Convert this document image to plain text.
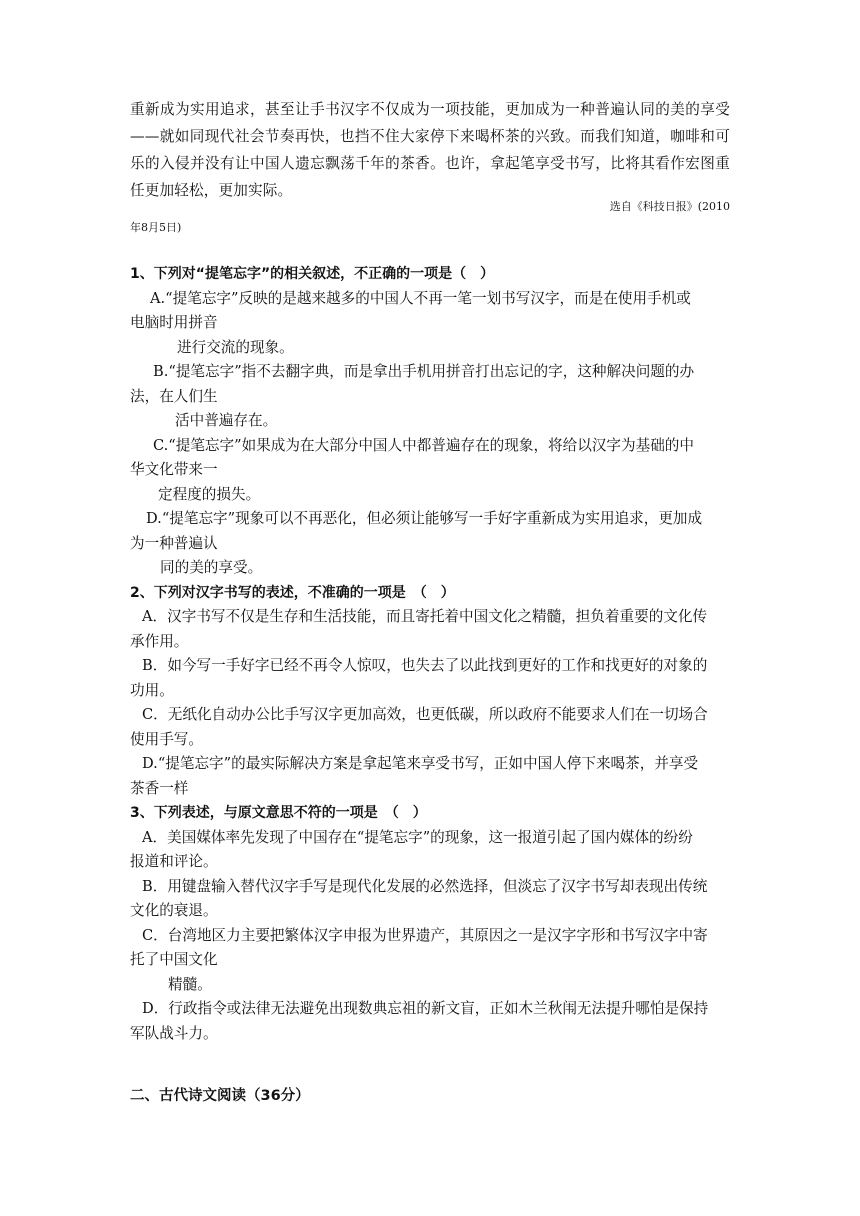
重新成为实用追求，甚至让手书汉字不仅成为一项技能，更加成为一种普遍认同的美的享受

——就如同现代社会节奏再快，也挡不住大家停下来喝杯茶的兴致。而我们知道，咖啡和可

乐的入侵并没有让中国人遗忘飘荡千年的茶香。也许，拿起笔享受书写，比将其看作宏图重

任更加轻松，更加实际。

选自《科技日报》(2010
年8月5日)
1、下列对“提笔忘字”的相关叙述，不正确的一项是（　）
A.“提笔忘字”反映的是越来越多的中国人不再一笔一划书写汉字，而是在使用手机或
电脑时用拼音
进行交流的现象。
B.“提笔忘字”指不去翻字典，而是拿出手机用拼音打出忘记的字，这种解决问题的办
法，在人们生
活中普遍存在。
C.“提笔忘字”如果成为在大部分中国人中都普遍存在的现象，将给以汉字为基础的中
华文化带来一
定程度的损失。
D.“提笔忘字”现象可以不再恶化，但必须让能够写一手好字重新成为实用追求，更加成
为一种普遍认
同的美的享受。
2、下列对汉字书写的表述，不准确的一项是　（　）
A．汉字书写不仅是生存和生活技能，而且寄托着中国文化之精髓，担负着重要的文化传
承作用。
B．如今写一手好字已经不再令人惊叹，也失去了以此找到更好的工作和找更好的对象的
功用。
C．无纸化自动办公比手写汉字更加高效，也更低碳，所以政府不能要求人们在一切场合
使用手写。
D.“提笔忘字”的最实际解决方案是拿起笔来享受书写，正如中国人停下来喝茶，并享受
茶香一样
3、下列表述，与原文意思不符的一项是　（　）
A．美国媒体率先发现了中国存在“提笔忘字”的现象，这一报道引起了国内媒体的纷纷
报道和评论。
B．用键盘输入替代汉字手写是现代化发展的必然选择，但淡忘了汉字书写却表现出传统
文化的衰退。
C．台湾地区力主要把繁体汉字申报为世界遗产，其原因之一是汉字字形和书写汉字中寄
托了中国文化
精髓。
D．行政指令或法律无法避免出现数典忘祖的新文盲，正如木兰秋闱无法提升哪怕是保持
军队战斗力。
二、古代诗文阅读（36分）
